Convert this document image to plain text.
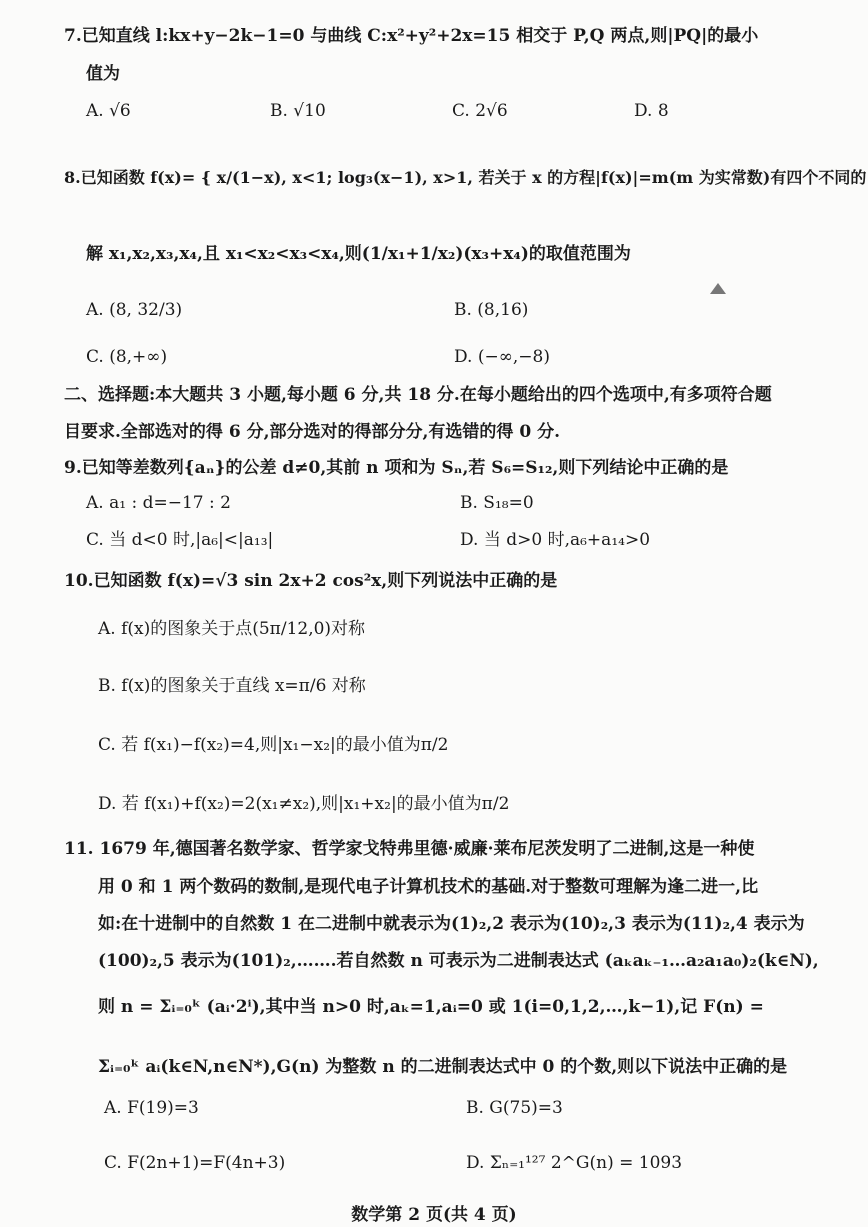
7.已知直线 l:kx+y−2k−1=0 与曲线 C:x²+y²+2x=15 相交于 P,Q 两点,则|PQ|的最小
值为
A. √6	B. √10	C. 2√6	D. 8
8.已知函数 f(x)= { x/(1−x), x<1; log₃(x−1), x>1, 若关于 x 的方程|f(x)|=m(m 为实常数)有四个不同的
解 x₁,x₂,x₃,x₄,且 x₁<x₂<x₃<x₄,则(1/x₁+1/x₂)(x₃+x₄)的取值范围为
A. (8, 32/3)	B. (8,16)
C. (8,+∞)	D. (−∞,−8)
二、选择题:本大题共 3 小题,每小题 6 分,共 18 分.在每小题给出的四个选项中,有多项符合题
目要求.全部选对的得 6 分,部分选对的得部分分,有选错的得 0 分.
9.已知等差数列{aₙ}的公差 d≠0,其前 n 项和为 Sₙ,若 S₆=S₁₂,则下列结论中正确的是
A. a₁ : d=−17 : 2	B. S₁₈=0
C. 当 d<0 时,|a₆|<|a₁₃|	D. 当 d>0 时,a₆+a₁₄>0
10.已知函数 f(x)=√3 sin 2x+2 cos²x,则下列说法中正确的是
A. f(x)的图象关于点(5π/12,0)对称
B. f(x)的图象关于直线 x=π/6 对称
C. 若 f(x₁)−f(x₂)=4,则|x₁−x₂|的最小值为π/2
D. 若 f(x₁)+f(x₂)=2(x₁≠x₂),则|x₁+x₂|的最小值为π/2
11. 1679 年,德国著名数学家、哲学家戈特弗里德·威廉·莱布尼茨发明了二进制,这是一种使
用 0 和 1 两个数码的数制,是现代电子计算机技术的基础.对于整数可理解为逢二进一,比
如:在十进制中的自然数 1 在二进制中就表示为(1)₂,2 表示为(10)₂,3 表示为(11)₂,4 表示为
(100)₂,5 表示为(101)₂,…….若自然数 n 可表示为二进制表达式 (aₖaₖ₋₁…a₂a₁a₀)₂(k∈N),
则 n = Σᵢ₌₀ᵏ (aᵢ·2ⁱ),其中当 n>0 时,aₖ=1,aᵢ=0 或 1(i=0,1,2,…,k−1),记 F(n) =
Σᵢ₌₀ᵏ aᵢ(k∈N,n∈N*),G(n) 为整数 n 的二进制表达式中 0 的个数,则以下说法中正确的是
A. F(19)=3	B. G(75)=3
C. F(2n+1)=F(4n+3)	D. Σₙ₌₁¹²⁷ 2^G(n) = 1093
数学第 2 页(共 4 页)
